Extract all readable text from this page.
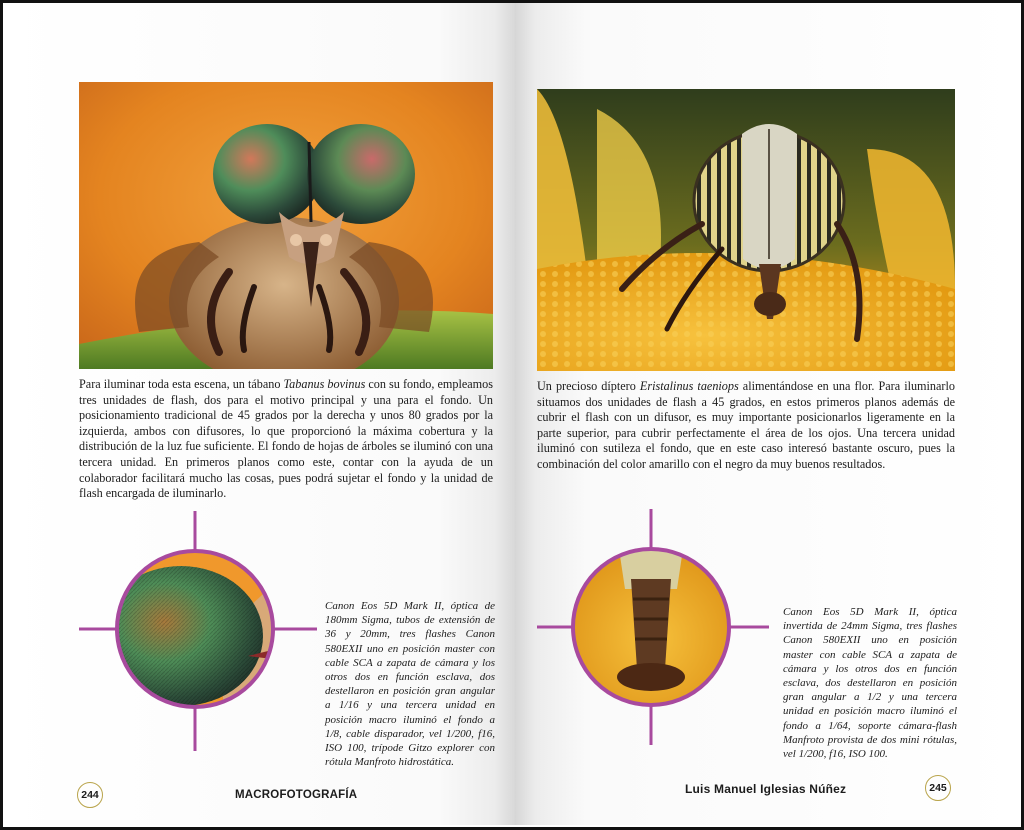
Para iluminar toda esta escena, un tábano Tabanus bovinus con su fondo, empleamos tres unidades de flash, dos para el motivo principal y una para el fondo. Un posicionamiento tradicional de 45 grados por la derecha y unos 80 grados por la izquierda, ambos con difusores, lo que proporcionó la máxima cobertura y la distribución de la luz fue suficiente. El fondo de hojas de árboles se iluminó con una tercera unidad. En primeros planos como este, contar con la ayuda de un colaborador facilitará mucho las cosas, pues podrá sujetar el fondo y la unidad de flash encargada de iluminarlo.

Canon Eos 5D Mark II, óptica de 180mm Sigma, tubos de extensión de 36 y 20mm, tres flashes Canon 580EXII uno en posición master con cable SCA a zapata de cámara y los otros dos en función esclava, dos destellaron en posición gran angular a 1/16 y una tercera unidad en posición macro iluminó el fondo a 1/8, cable disparador, vel 1/200, f16, ISO 100, trípode Gitzo explorer con rótula Manfroto hidrostática.

244	MACROFOTOGRAFÍA

Un precioso díptero Eristalinus taeniops alimentándose en una flor. Para iluminarlo situamos dos unidades de flash a 45 grados, en estos primeros planos además de cubrir el flash con un difusor, es muy importante posicionarlos ligeramente en la parte superior, para cubrir perfectamente el área de los ojos. Una tercera unidad iluminó con sutileza el fondo, que en este caso interesó bastante oscuro, pues la combinación del color amarillo con el negro da muy buenos resultados.

Canon Eos 5D Mark II, óptica invertida de 24mm Sigma, tres flashes Canon 580EXII uno en posición master con cable SCA a zapata de cámara y los otros dos en función esclava, dos destellaron en posición gran angular a 1/2 y una tercera unidad en posición macro iluminó el fondo a 1/64, soporte cámara-flash Manfroto provista de dos mini rótulas, vel 1/200, f16, ISO 100.

Luis Manuel Iglesias Núñez	245
